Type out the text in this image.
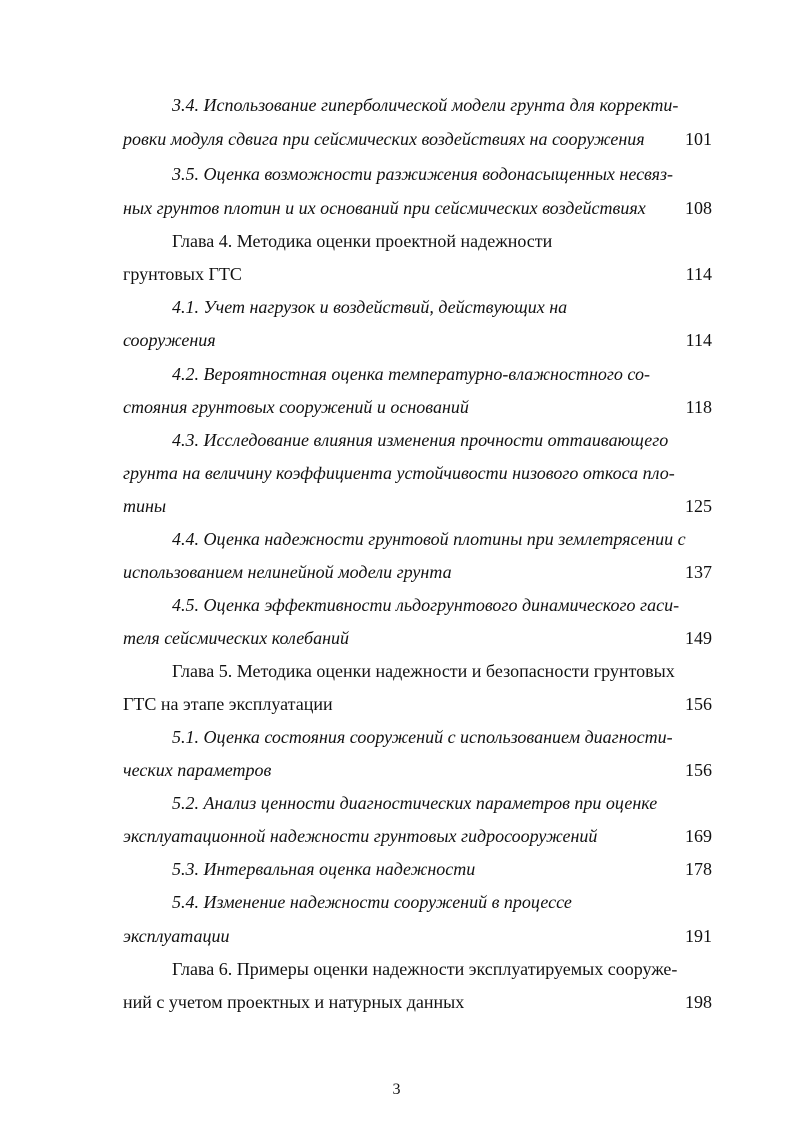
3.4. Использование гиперболической модели грунта для корректи-
ровки модуля сдвига при сейсмических воздействиях на сооружения	101
3.5. Оценка возможности разжижения водонасыщенных несвяз-
ных грунтов плотин и их оснований при сейсмических воздействиях	108
Глава 4. Методика оценки проектной надежности
грунтовых ГТС	114
4.1. Учет нагрузок и воздействий, действующих на
сооружения	114
4.2. Вероятностная оценка температурно-влажностного со-
стояния грунтовых сооружений и оснований	118
4.3. Исследование влияния изменения прочности оттаивающего
грунта на величину коэффициента устойчивости низового откоса пло-
тины	125
4.4. Оценка надежности грунтовой плотины при землетрясении с
использованием нелинейной модели грунта	137
4.5. Оценка эффективности льдогрунтового динамического гаси-
теля сейсмических колебаний	149
Глава 5. Методика оценки надежности и безопасности грунтовых
ГТС на этапе эксплуатации	156
5.1. Оценка состояния сооружений с использованием диагности-
ческих параметров	156
5.2. Анализ ценности диагностических параметров при оценке
эксплуатационной надежности грунтовых гидросооружений	169
5.3. Интервальная оценка надежности	178
5.4. Изменение надежности сооружений в процессе
эксплуатации	191
Глава 6. Примеры оценки надежности эксплуатируемых сооруже-
ний с учетом проектных и натурных данных	198
3
